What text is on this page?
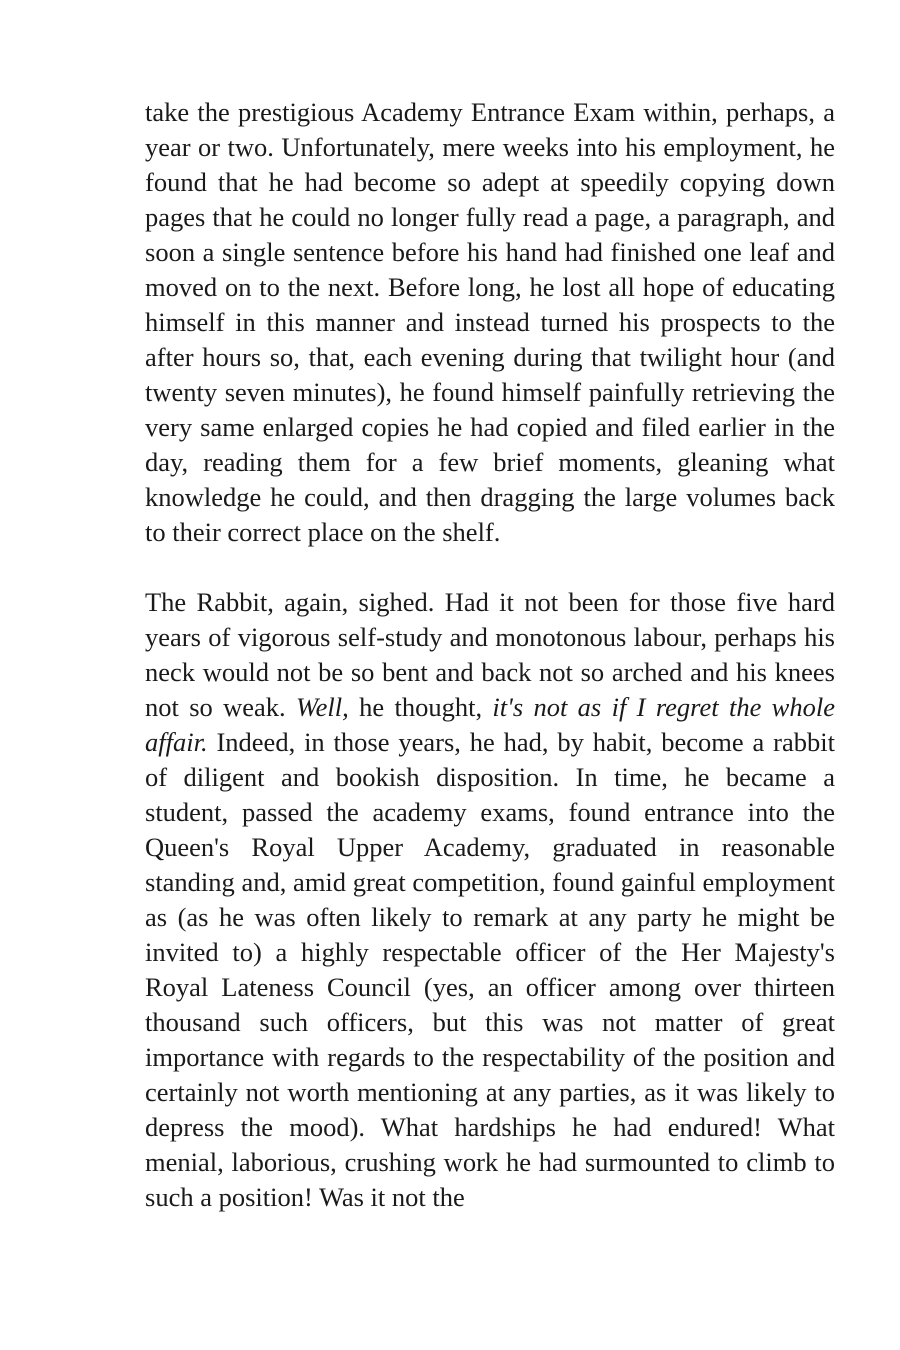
take the prestigious Academy Entrance Exam within, perhaps, a year or two. Unfortunately, mere weeks into his employment, he found that he had become so adept at speedily copying down pages that he could no longer fully read a page, a paragraph, and soon a single sentence before his hand had finished one leaf and moved on to the next. Before long, he lost all hope of educating himself in this manner and instead turned his prospects to the after hours so, that, each evening during that twilight hour (and twenty seven minutes), he found himself painfully retrieving the very same enlarged copies he had copied and filed earlier in the day, reading them for a few brief moments, gleaning what knowledge he could, and then dragging the large volumes back to their correct place on the shelf.

The Rabbit, again, sighed. Had it not been for those five hard years of vigorous self-study and monotonous labour, perhaps his neck would not be so bent and back not so arched and his knees not so weak. Well, he thought, it's not as if I regret the whole affair. Indeed, in those years, he had, by habit, become a rabbit of diligent and bookish disposition. In time, he became a student, passed the academy exams, found entrance into the Queen's Royal Upper Academy, graduated in reasonable standing and, amid great competition, found gainful employment as (as he was often likely to remark at any party he might be invited to) a highly respectable officer of the Her Majesty's Royal Lateness Council (yes, an officer among over thirteen thousand such officers, but this was not matter of great importance with regards to the respectability of the position and certainly not worth mentioning at any parties, as it was likely to depress the mood). What hardships he had endured! What menial, laborious, crushing work he had surmounted to climb to such a position! Was it not the
